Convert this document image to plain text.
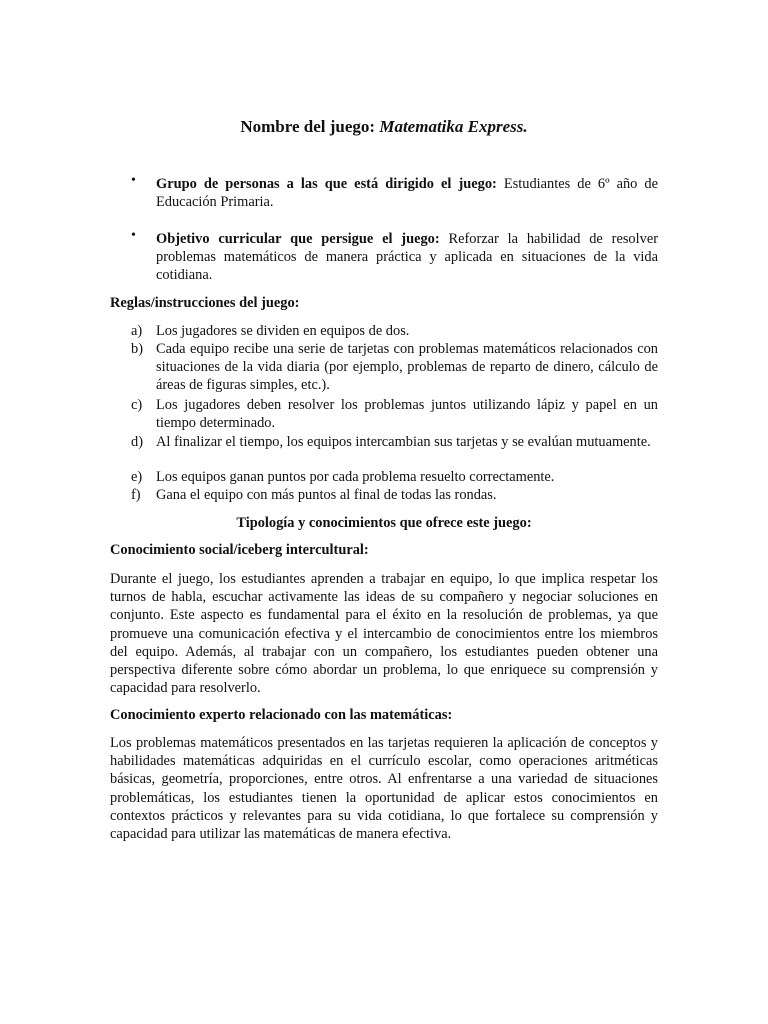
Nombre del juego: Matematika Express.
• Grupo de personas a las que está dirigido el juego: Estudiantes de 6º año de Educación Primaria.
• Objetivo curricular que persigue el juego: Reforzar la habilidad de resolver problemas matemáticos de manera práctica y aplicada en situaciones de la vida cotidiana.
Reglas/instrucciones del juego:
a) Los jugadores se dividen en equipos de dos.
b) Cada equipo recibe una serie de tarjetas con problemas matemáticos relacionados con situaciones de la vida diaria (por ejemplo, problemas de reparto de dinero, cálculo de áreas de figuras simples, etc.).
c) Los jugadores deben resolver los problemas juntos utilizando lápiz y papel en un tiempo determinado.
d) Al finalizar el tiempo, los equipos intercambian sus tarjetas y se evalúan mutuamente.
e) Los equipos ganan puntos por cada problema resuelto correctamente.
f)	Gana el equipo con más puntos al final de todas las rondas.
Tipología y conocimientos que ofrece este juego:
Conocimiento social/iceberg intercultural:
Durante el juego, los estudiantes aprenden a trabajar en equipo, lo que implica respetar los turnos de habla, escuchar activamente las ideas de su compañero y negociar soluciones en conjunto. Este aspecto es fundamental para el éxito en la resolución de problemas, ya que promueve una comunicación efectiva y el intercambio de conocimientos entre los miembros del equipo. Además, al trabajar con un compañero, los estudiantes pueden obtener una perspectiva diferente sobre cómo abordar un problema, lo que enriquece su comprensión y capacidad para resolverlo.
Conocimiento experto relacionado con las matemáticas:
Los problemas matemáticos presentados en las tarjetas requieren la aplicación de conceptos y habilidades matemáticas adquiridas en el currículo escolar, como operaciones aritméticas básicas, geometría, proporciones, entre otros. Al enfrentarse a una variedad de situaciones problemáticas, los estudiantes tienen la oportunidad de aplicar estos conocimientos en contextos prácticos y relevantes para su vida cotidiana, lo que fortalece su comprensión y capacidad para utilizar las matemáticas de manera efectiva.
